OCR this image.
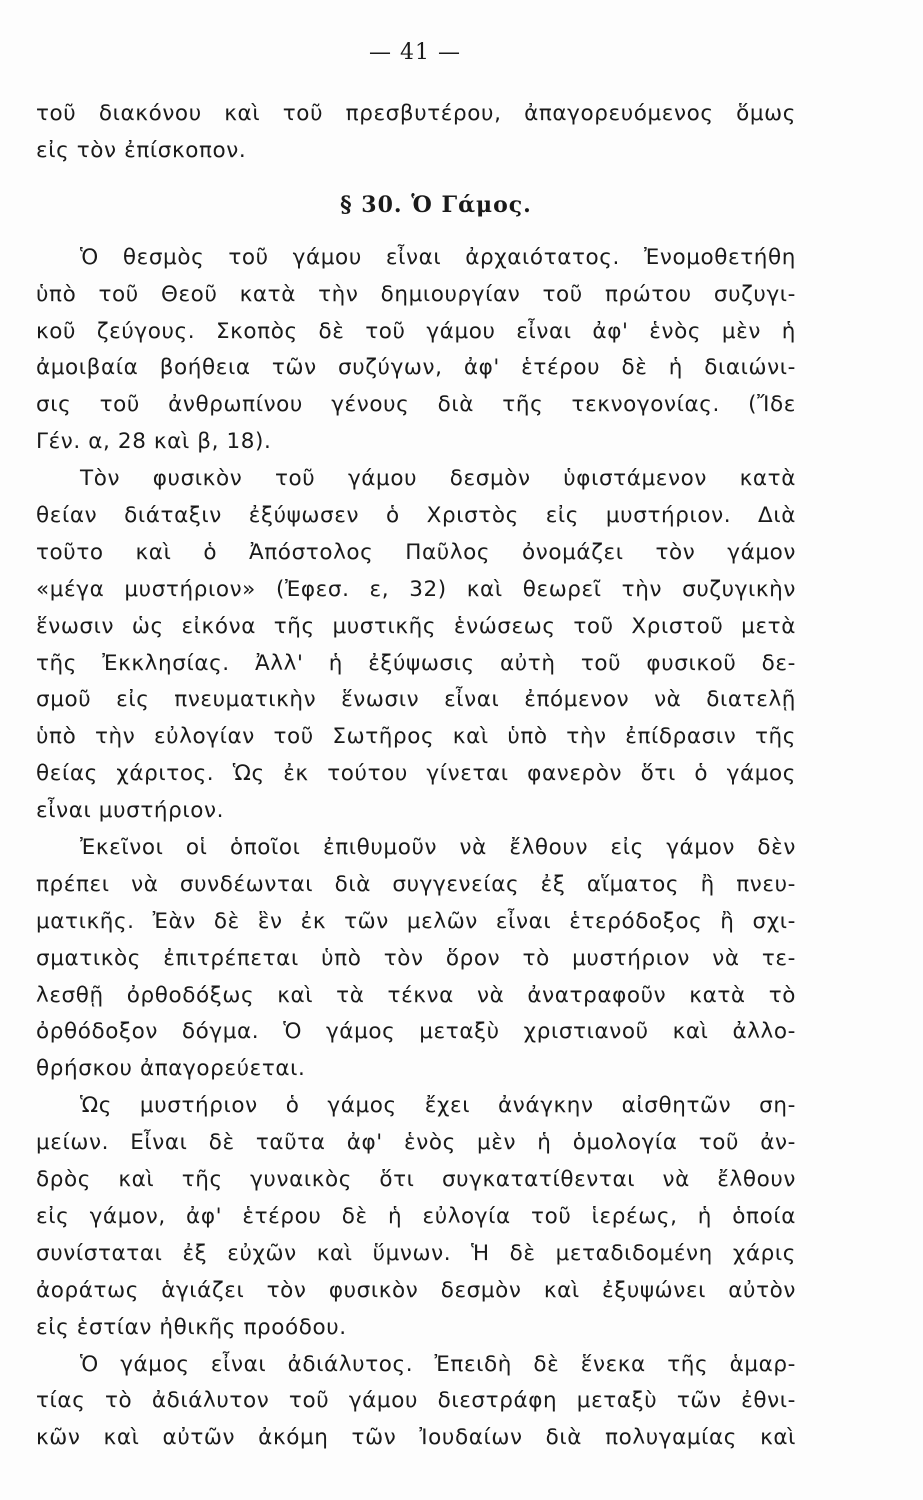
— 41 —
τοῦ διακόνου καὶ τοῦ πρεσβυτέρου, ἀπαγορευόμενος ὅμως
εἰς τὸν ἐπίσκοπον.
§ 30. Ὁ Γάμος.
Ὁ θεσμὸς τοῦ γάμου εἶναι ἀρχαιότατος. Ἐνομοθετήθη
ὑπὸ τοῦ Θεοῦ κατὰ τὴν δημιουργίαν τοῦ πρώτου συζυγι-
κοῦ ζεύγους. Σκοπὸς δὲ τοῦ γάμου εἶναι ἀφ' ἑνὸς μὲν ἡ
ἀμοιβαία βοήθεια τῶν συζύγων, ἀφ' ἑτέρου δὲ ἡ διαιώνι-
σις τοῦ ἀνθρωπίνου γένους διὰ τῆς τεκνογονίας. (Ἴδε
Γέν. α, 28 καὶ β, 18).
Τὸν φυσικὸν τοῦ γάμου δεσμὸν ὑφιστάμενον κατὰ
θείαν διάταξιν ἐξύψωσεν ὁ Χριστὸς εἰς μυστήριον. Διὰ
τοῦτο καὶ ὁ Ἀπόστολος Παῦλος ὀνομάζει τὸν γάμον
«μέγα μυστήριον» (Ἐφεσ. ε, 32) καὶ θεωρεῖ τὴν συζυγικὴν
ἕνωσιν ὡς εἰκόνα τῆς μυστικῆς ἑνώσεως τοῦ Χριστοῦ μετὰ
τῆς Ἐκκλησίας. Ἀλλ' ἡ ἐξύψωσις αὐτὴ τοῦ φυσικοῦ δε-
σμοῦ εἰς πνευματικὴν ἕνωσιν εἶναι ἐπόμενον νὰ διατελῇ
ὑπὸ τὴν εὐλογίαν τοῦ Σωτῆρος καὶ ὑπὸ τὴν ἐπίδρασιν τῆς
θείας χάριτος. Ὡς ἐκ τούτου γίνεται φανερὸν ὅτι ὁ γάμος
εἶναι μυστήριον.
Ἐκεῖνοι οἱ ὁποῖοι ἐπιθυμοῦν νὰ ἔλθουν εἰς γάμον δὲν
πρέπει νὰ συνδέωνται διὰ συγγενείας ἐξ αἵματος ἢ πνευ-
ματικῆς. Ἐὰν δὲ ἓν ἐκ τῶν μελῶν εἶναι ἑτερόδοξος ἢ σχι-
σματικὸς ἐπιτρέπεται ὑπὸ τὸν ὅρον τὸ μυστήριον νὰ τε-
λεσθῇ ὀρθοδόξως καὶ τὰ τέκνα νὰ ἀνατραφοῦν κατὰ τὸ
ὀρθόδοξον δόγμα. Ὁ γάμος μεταξὺ χριστιανοῦ καὶ ἀλλο-
θρήσκου ἀπαγορεύεται.
Ὡς μυστήριον ὁ γάμος ἔχει ἀνάγκην αἰσθητῶν ση-
μείων. Εἶναι δὲ ταῦτα ἀφ' ἑνὸς μὲν ἡ ὁμολογία τοῦ ἀν-
δρὸς καὶ τῆς γυναικὸς ὅτι συγκατατίθενται νὰ ἔλθουν
εἰς γάμον, ἀφ' ἑτέρου δὲ ἡ εὐλογία τοῦ ἱερέως, ἡ ὁποία
συνίσταται ἐξ εὐχῶν καὶ ὕμνων. Ἡ δὲ μεταδιδομένη χάρις
ἀοράτως ἁγιάζει τὸν φυσικὸν δεσμὸν καὶ ἐξυψώνει αὐτὸν
εἰς ἑστίαν ἠθικῆς προόδου.
Ὁ γάμος εἶναι ἀδιάλυτος. Ἐπειδὴ δὲ ἕνεκα τῆς ἁμαρ-
τίας τὸ ἀδιάλυτον τοῦ γάμου διεστράφη μεταξὺ τῶν ἐθνι-
κῶν καὶ αὐτῶν ἀκόμη τῶν Ἰουδαίων διὰ πολυγαμίας καὶ
